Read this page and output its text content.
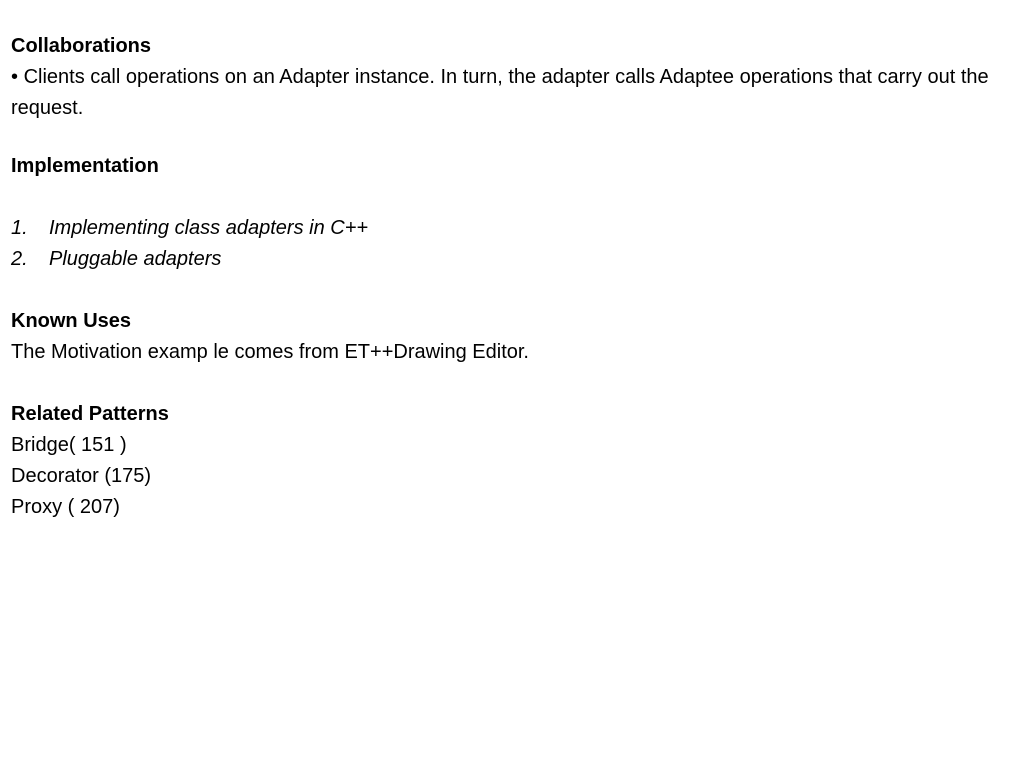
Collaborations

• Clients call operations on an Adapter instance. In turn, the adapter calls Adaptee operations that carry out the request.

Implementation

1.	Implementing class adapters in C++
2.	Pluggable adapters

Known Uses

The Motivation examp le comes from ET++Drawing Editor.

Related Patterns

Bridge( 151 )

Decorator (175)

Proxy ( 207)
